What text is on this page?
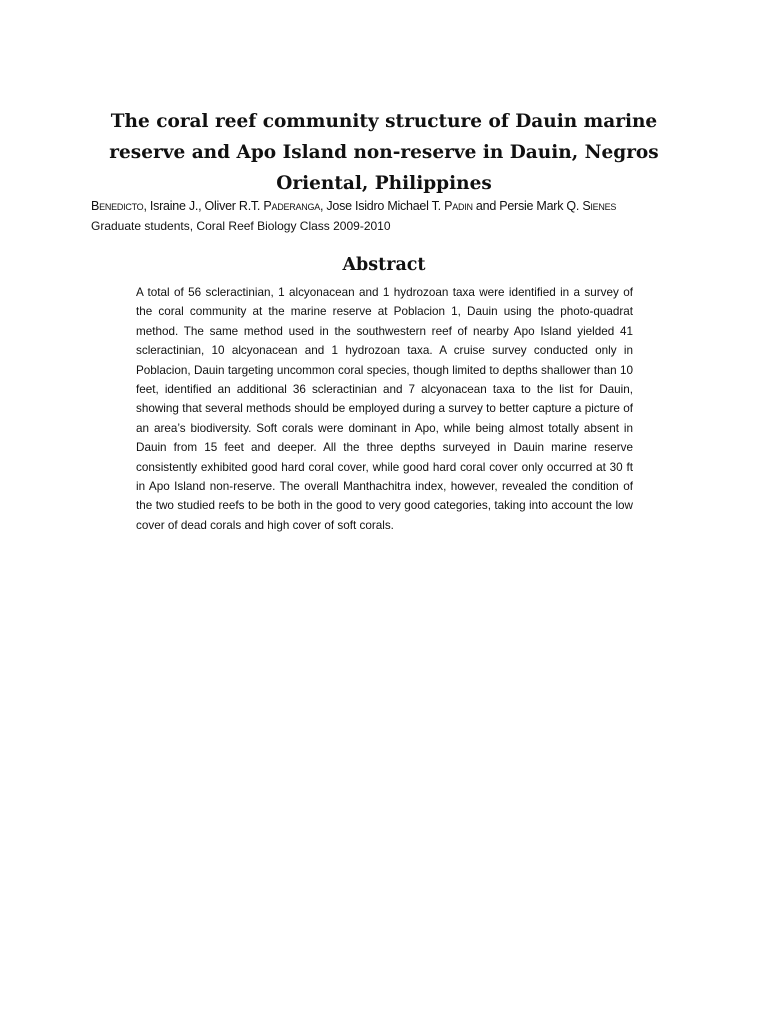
The coral reef community structure of Dauin marine reserve and Apo Island non-reserve in Dauin, Negros Oriental, Philippines

Benedicto, Israine J., Oliver R.T. Paderanga, Jose Isidro Michael T. Padin and Persie Mark Q. Sienes

Graduate students, Coral Reef Biology Class 2009-2010

Abstract

A total of 56 scleractinian, 1 alcyonacean and 1 hydrozoan taxa were identified in a survey of the coral community at the marine reserve at Poblacion 1, Dauin using the photo-quadrat method. The same method used in the southwestern reef of nearby Apo Island yielded 41 scleractinian, 10 alcyonacean and 1 hydrozoan taxa. A cruise survey conducted only in Poblacion, Dauin targeting uncommon coral species, though limited to depths shallower than 10 feet, identified an additional 36 scleractinian and 7 alcyonacean taxa to the list for Dauin, showing that several methods should be employed during a survey to better capture a picture of an area’s biodiversity. Soft corals were dominant in Apo, while being almost totally absent in Dauin from 15 feet and deeper. All the three depths surveyed in Dauin marine reserve consistently exhibited good hard coral cover, while good hard coral cover only occurred at 30 ft in Apo Island non-reserve. The overall Manthachitra index, however, revealed the condition of the two studied reefs to be both in the good to very good categories, taking into account the low cover of dead corals and high cover of soft corals.
